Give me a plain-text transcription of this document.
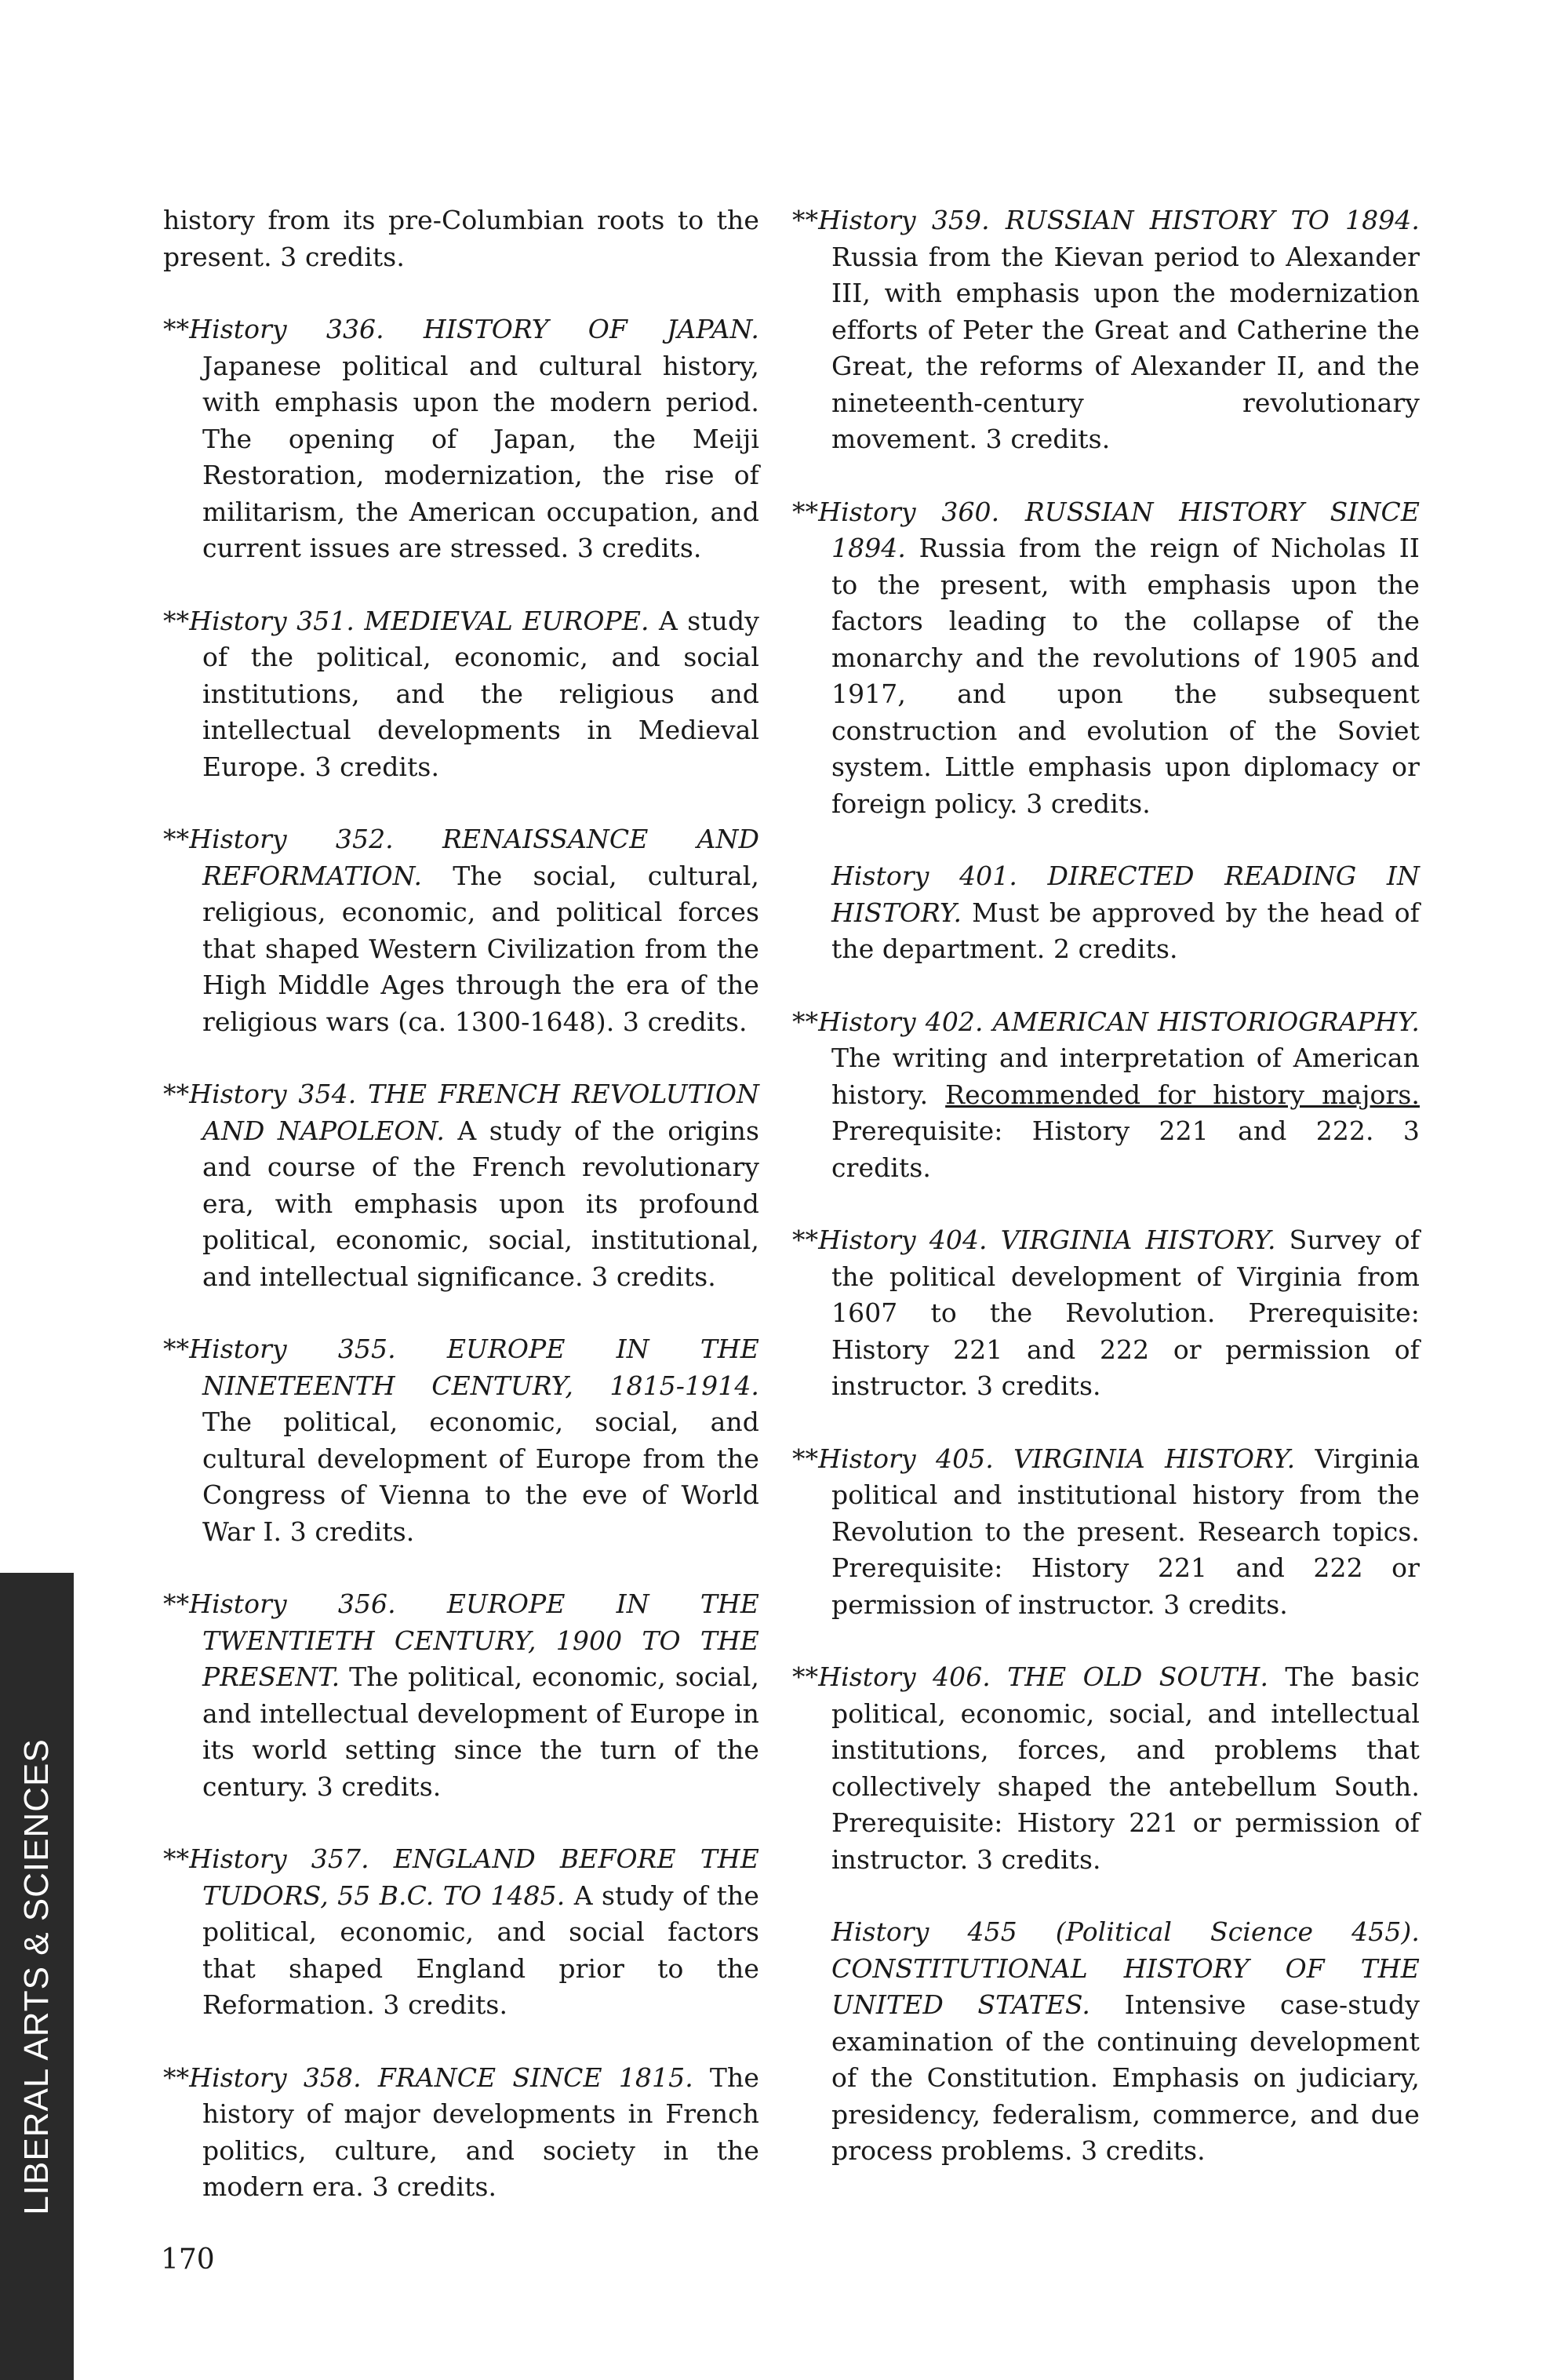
history from its pre-Columbian roots to the present. 3 credits.

**History 336. HISTORY OF JAPAN. Japanese political and cultural history, with emphasis upon the modern period. The opening of Japan, the Meiji Restoration, modernization, the rise of militarism, the American occupation, and current issues are stressed. 3 credits.

**History 351. MEDIEVAL EUROPE. A study of the political, economic, and social institutions, and the religious and intellectual developments in Medieval Europe. 3 credits.

**History 352. RENAISSANCE AND REFORMATION. The social, cultural, religious, economic, and political forces that shaped Western Civilization from the High Middle Ages through the era of the religious wars (ca. 1300-1648). 3 credits.

**History 354. THE FRENCH REVOLUTION AND NAPOLEON. A study of the origins and course of the French revolutionary era, with emphasis upon its profound political, economic, social, institutional, and intellectual significance. 3 credits.

**History 355. EUROPE IN THE NINETEENTH CENTURY, 1815-1914. The political, economic, social, and cultural development of Europe from the Congress of Vienna to the eve of World War I. 3 credits.

**History 356. EUROPE IN THE TWENTIETH CENTURY, 1900 TO THE PRESENT. The political, economic, social, and intellectual development of Europe in its world setting since the turn of the century. 3 credits.

**History 357. ENGLAND BEFORE THE TUDORS, 55 B.C. TO 1485. A study of the political, economic, and social factors that shaped England prior to the Reformation. 3 credits.

**History 358. FRANCE SINCE 1815. The history of major developments in French politics, culture, and society in the modern era. 3 credits.

**History 359. RUSSIAN HISTORY TO 1894. Russia from the Kievan period to Alexander III, with emphasis upon the modernization efforts of Peter the Great and Catherine the Great, the reforms of Alexander II, and the nineteenth-century revolutionary movement. 3 credits.

**History 360. RUSSIAN HISTORY SINCE 1894. Russia from the reign of Nicholas II to the present, with emphasis upon the factors leading to the collapse of the monarchy and the revolutions of 1905 and 1917, and upon the subsequent construction and evolution of the Soviet system. Little emphasis upon diplomacy or foreign policy. 3 credits.

History 401. DIRECTED READING IN HISTORY. Must be approved by the head of the department. 2 credits.

**History 402. AMERICAN HISTORIOGRAPHY. The writing and interpretation of American history. Recommended for history majors. Prerequisite: History 221 and 222. 3 credits.

**History 404. VIRGINIA HISTORY. Survey of the political development of Virginia from 1607 to the Revolution. Prerequisite: History 221 and 222 or permission of instructor. 3 credits.

**History 405. VIRGINIA HISTORY. Virginia political and institutional history from the Revolution to the present. Research topics. Prerequisite: History 221 and 222 or permission of instructor. 3 credits.

**History 406. THE OLD SOUTH. The basic political, economic, social, and intellectual institutions, forces, and problems that collectively shaped the antebellum South. Prerequisite: History 221 or permission of instructor. 3 credits.

History 455 (Political Science 455). CONSTITUTIONAL HISTORY OF THE UNITED STATES. Intensive case-study examination of the continuing development of the Constitution. Emphasis on judiciary, presidency, federalism, commerce, and due process problems. 3 credits.

LIBERAL ARTS & SCIENCES
170
